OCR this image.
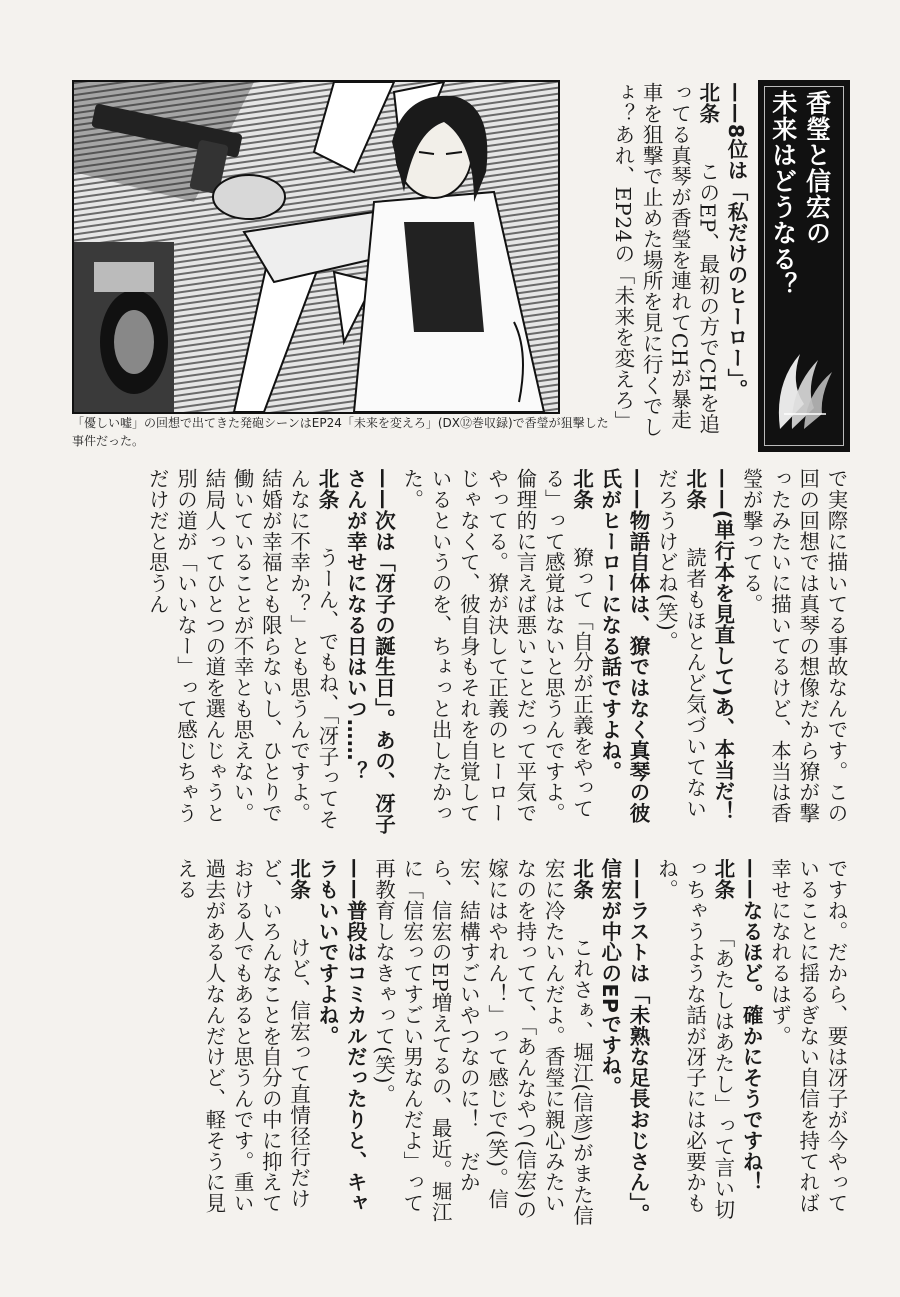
「優しい嘘」の回想で出てきた発砲シーンはEP24「未来を変えろ」(DX⑫巻収録)で香瑩が狙撃した事件だった。
香瑩と信宏の
未来はどうなる？
——8位は「私だけのヒーロー」。
北条　このEP、最初の方でCHを追ってる真琴が香瑩を連れてCHが暴走車を狙撃で止めた場所を見に行くでしょ？あれ、EP24の「未来を変えろ」
で実際に描いてる事故なんです。この回の回想では真琴の想像だから獠が撃ったみたいに描いてるけど、本当は香瑩が撃ってる。
——(単行本を見直して)あ、本当だ！
北条　読者もほとんど気づいてないだろうけどね(笑)。
——物語自体は、獠ではなく真琴の彼氏がヒーローになる話ですよね。
北条　獠って「自分が正義をやってる」って感覚はないと思うんですよ。倫理的に言えば悪いことだって平気でやってる。獠が決して正義のヒーローじゃなくて、彼自身もそれを自覚しているというのを、ちょっと出したかった。
——次は「冴子の誕生日」。あの、冴子さんが幸せになる日はいつ……？
北条　うーん、でもね、「冴子ってそんなに不幸か？」とも思うんですよ。結婚が幸福とも限らないし、ひとりで働いていることが不幸とも思えない。結局人ってひとつの道を選んじゃうと別の道が「いいなー」って感じちゃうだけだと思うん
ですね。だから、要は冴子が今やっていることに揺るぎない自信を持てれば幸せになれるはず。
——なるほど。確かにそうですね！
北条　「あたしはあたし」って言い切っちゃうような話が冴子には必要かもね。
——ラストは「未熟な足長おじさん」。信宏が中心のEPですね。
北条　これさぁ、堀江(信彦)がまた信宏に冷たいんだよ。香瑩に親心みたいなのを持ってて、「あんなやつ(信宏)の嫁にはやれん！」って感じで(笑)。信宏、結構すごいやつなのに！　だから、信宏のEP増えてるの、最近。堀江に「信宏ってすごい男なんだよ」って再教育しなきゃって(笑)。
——普段はコミカルだったりと、キャラもいいですよね。
北条　けど、信宏って直情径行だけど、いろんなことを自分の中に抑えておける人でもあると思うんです。重い過去がある人なんだけど、軽そうに見える
